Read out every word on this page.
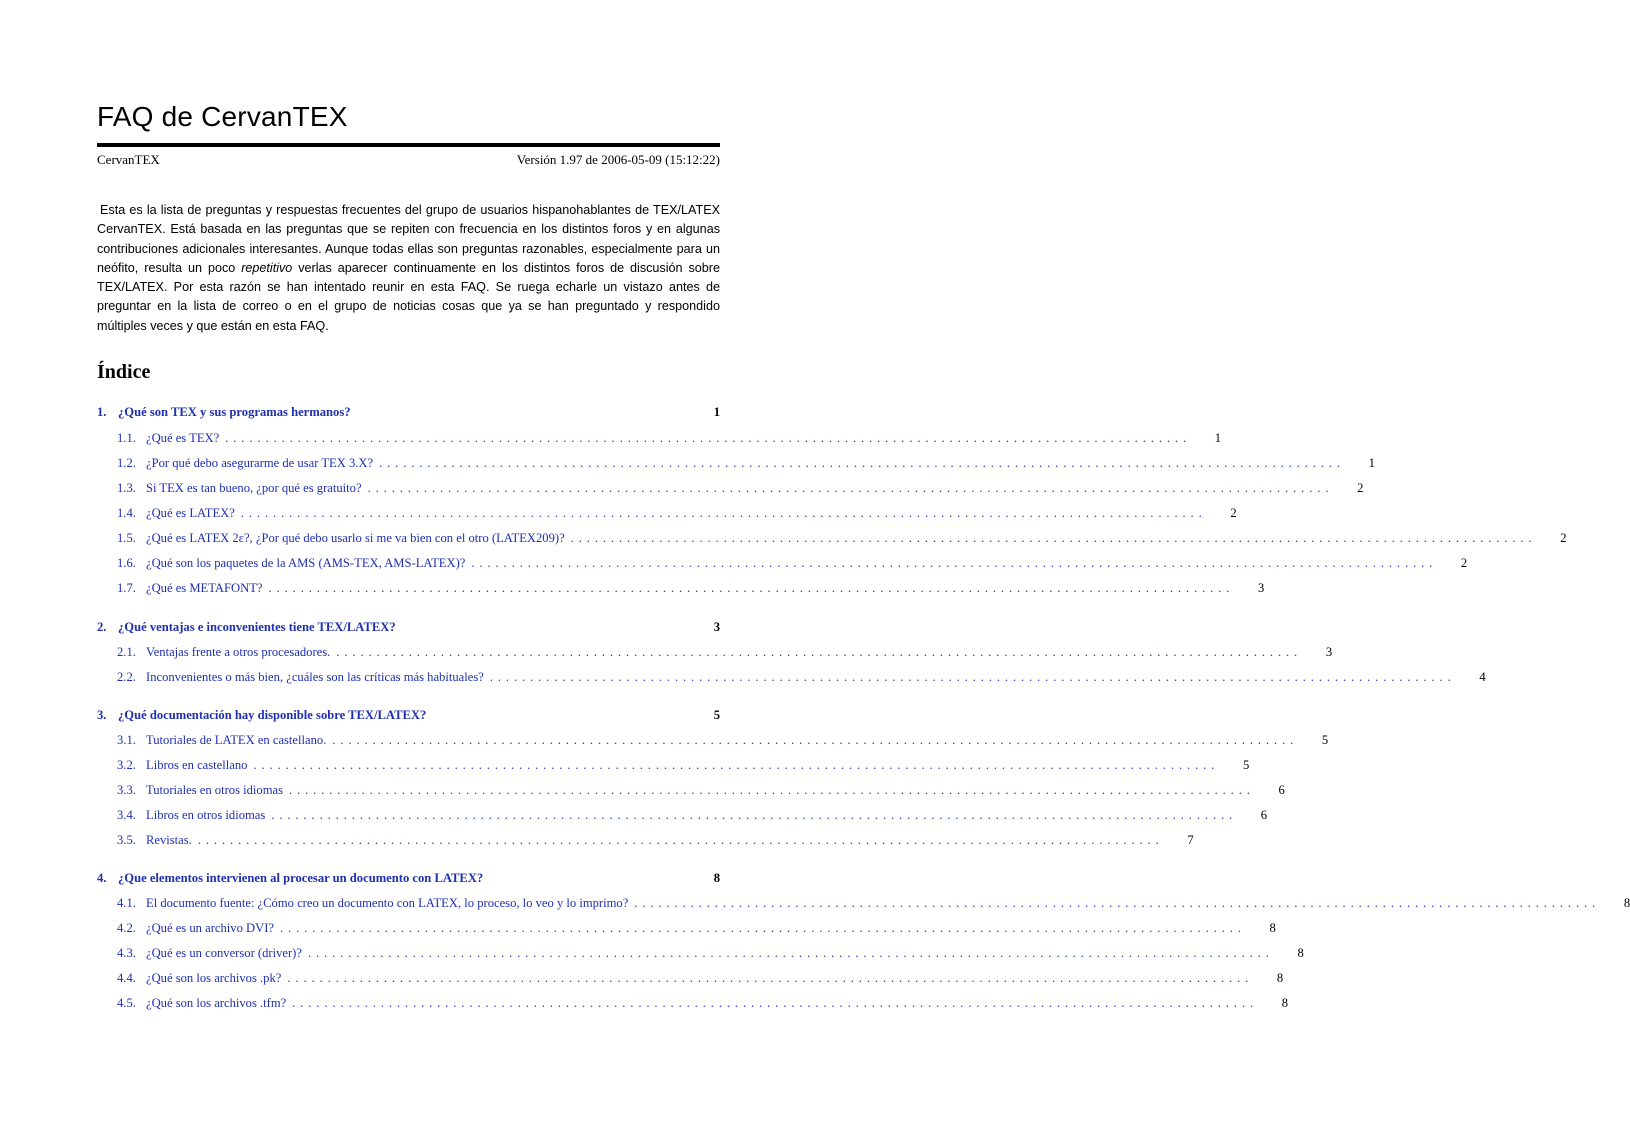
FAQ de CervanTEX
CervanTEX	Versión 1.97 de 2006-05-09 (15:12:22)
Esta es la lista de preguntas y respuestas frecuentes del grupo de usuarios hispanohablantes de TEX/LATEX CervanTEX. Está basada en las preguntas que se repiten con frecuencia en los distintos foros y en algunas contribuciones adicionales interesantes. Aunque todas ellas son preguntas razonables, especialmente para un neófito, resulta un poco repetitivo verlas aparecer continuamente en los distintos foros de discusión sobre TEX/LATEX. Por esta razón se han intentado reunir en esta FAQ. Se ruega echarle un vistazo antes de preguntar en la lista de correo o en el grupo de noticias cosas que ya se han preguntado y respondido múltiples veces y que están en esta FAQ.
Índice
1. ¿Qué son TEX y sus programas hermanos?	1
1.1. ¿Qué es TEX? ........................................................................................................................	1
1.2. ¿Por qué debo asegurarme de usar TEX 3.X? ........................................................................................................................	1
1.3. Si TEX es tan bueno, ¿por qué es gratuito? ........................................................................................................................	2
1.4. ¿Qué es LATEX? ........................................................................................................................	2
1.5. ¿Qué es LATEX 2ε?, ¿Por qué debo usarlo si me va bien con el otro (LATEX209)? ........................................................................................................................	2
1.6. ¿Qué son los paquetes de la AMS (AMS-TEX, AMS-LATEX)? ........................................................................................................................	2
1.7. ¿Qué es METAFONT? ........................................................................................................................	3
2. ¿Qué ventajas e inconvenientes tiene TEX/LATEX?	3
2.1. Ventajas frente a otros procesadores. ........................................................................................................................	3
2.2. Inconvenientes o más bien, ¿cuáles son las críticas más habituales? ........................................................................................................................	4
3. ¿Qué documentación hay disponible sobre TEX/LATEX?	5
3.1. Tutoriales de LATEX en castellano. ........................................................................................................................	5
3.2. Libros en castellano ........................................................................................................................	5
3.3. Tutoriales en otros idiomas ........................................................................................................................	6
3.4. Libros en otros idiomas ........................................................................................................................	6
3.5. Revistas. ........................................................................................................................	7
4. ¿Que elementos intervienen al procesar un documento con LATEX?	8
4.1. El documento fuente: ¿Cómo creo un documento con LATEX, lo proceso, lo veo y lo imprimo? ........................................................................................................................	8
4.2. ¿Qué es un archivo DVI? ........................................................................................................................	8
4.3. ¿Qué es un conversor (driver)? ........................................................................................................................	8
4.4. ¿Qué son los archivos .pk? ........................................................................................................................	8
4.5. ¿Qué son los archivos .tfm? ........................................................................................................................	8
